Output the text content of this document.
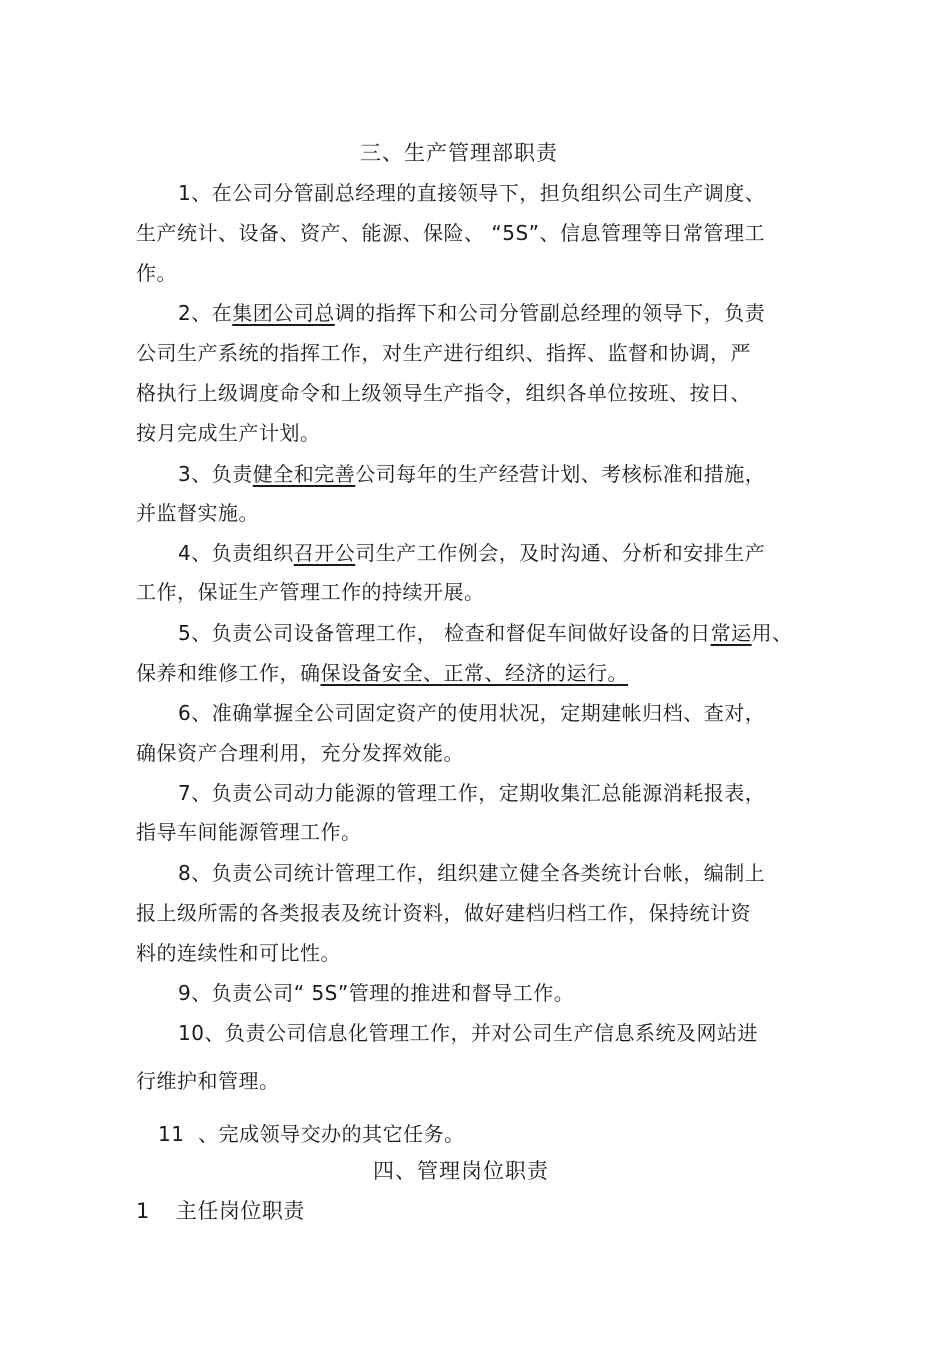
三、生产管理部职责
1、在公司分管副总经理的直接领导下，担负组织公司生产调度、
生产统计、设备、资产、能源、保险、 “5S”、信息管理等日常管理工
作。
2、在集团公司总调的指挥下和公司分管副总经理的领导下，负责
公司生产系统的指挥工作，对生产进行组织、指挥、监督和协调，严
格执行上级调度命令和上级领导生产指令，组织各单位按班、按日、
按月完成生产计划。
3、负责健全和完善公司每年的生产经营计划、考核标准和措施，
并监督实施。
4、负责组织召开公司生产工作例会，及时沟通、分析和安排生产
工作，保证生产管理工作的持续开展。
5、负责公司设备管理工作， 检查和督促车间做好设备的日常运用、
保养和维修工作，确保设备安全、正常、经济的运行。
6、准确掌握全公司固定资产的使用状况，定期建帐归档、查对，
确保资产合理利用，充分发挥效能。
7、负责公司动力能源的管理工作，定期收集汇总能源消耗报表，
指导车间能源管理工作。
8、负责公司统计管理工作，组织建立健全各类统计台帐，编制上
报上级所需的各类报表及统计资料，做好建档归档工作，保持统计资
料的连续性和可比性。
9、负责公司“ 5S”管理的推进和督导工作。
10、负责公司信息化管理工作，并对公司生产信息系统及网站进
行维护和管理。
11  、完成领导交办的其它任务。
四、管理岗位职责
1 主任岗位职责
